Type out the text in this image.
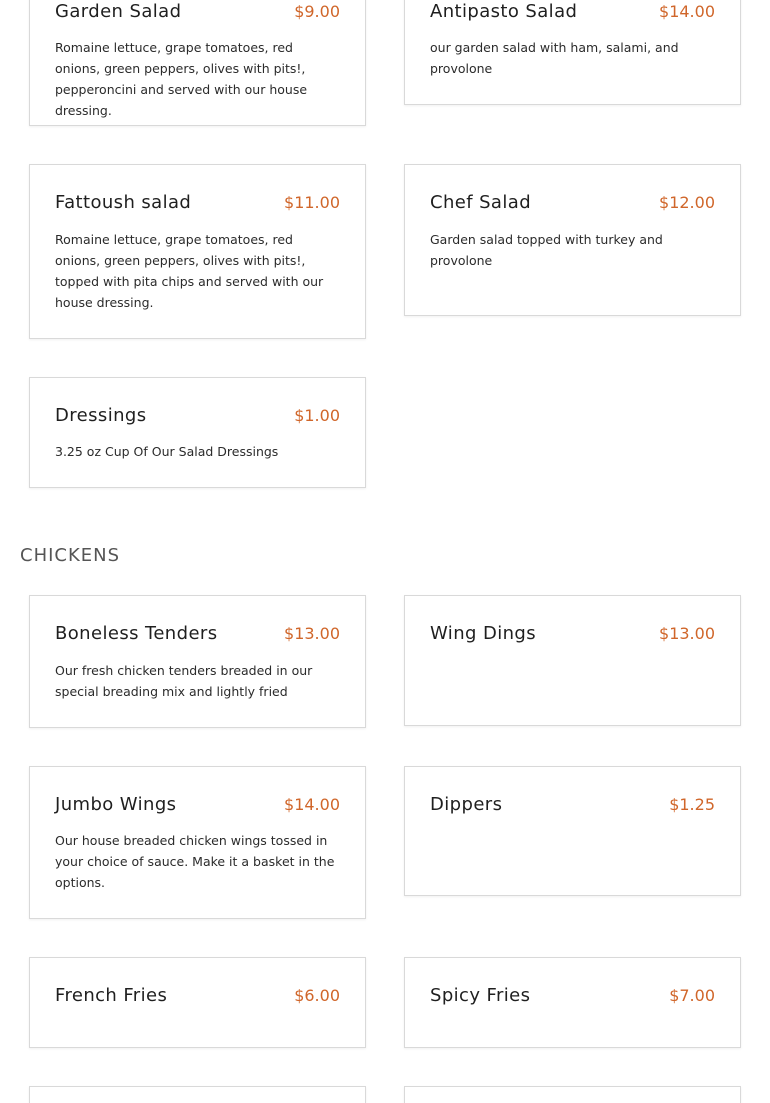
Garden Salad	$9.00

Romaine lettuce, grape tomatoes, red onions, green peppers, olives with pits!, pepperoncini and served with our house dressing.

Antipasto Salad	$14.00

our garden salad with ham, salami, and provolone

Fattoush salad	$11.00

Romaine lettuce, grape tomatoes, red onions, green peppers, olives with pits!, topped with pita chips and served with our house dressing.

Chef Salad	$12.00

Garden salad topped with turkey and provolone

Dressings	$1.00

3.25 oz Cup Of Our Salad Dressings

CHICKENS
Boneless Tenders	$13.00

Our fresh chicken tenders breaded in our special breading mix and lightly fried

Wing Dings	$13.00
Jumbo Wings	$14.00

Our house breaded chicken wings tossed in your choice of sauce. Make it a basket in the options.

Dippers	$1.25
French Fries	$6.00	Spicy Fries	$7.00
